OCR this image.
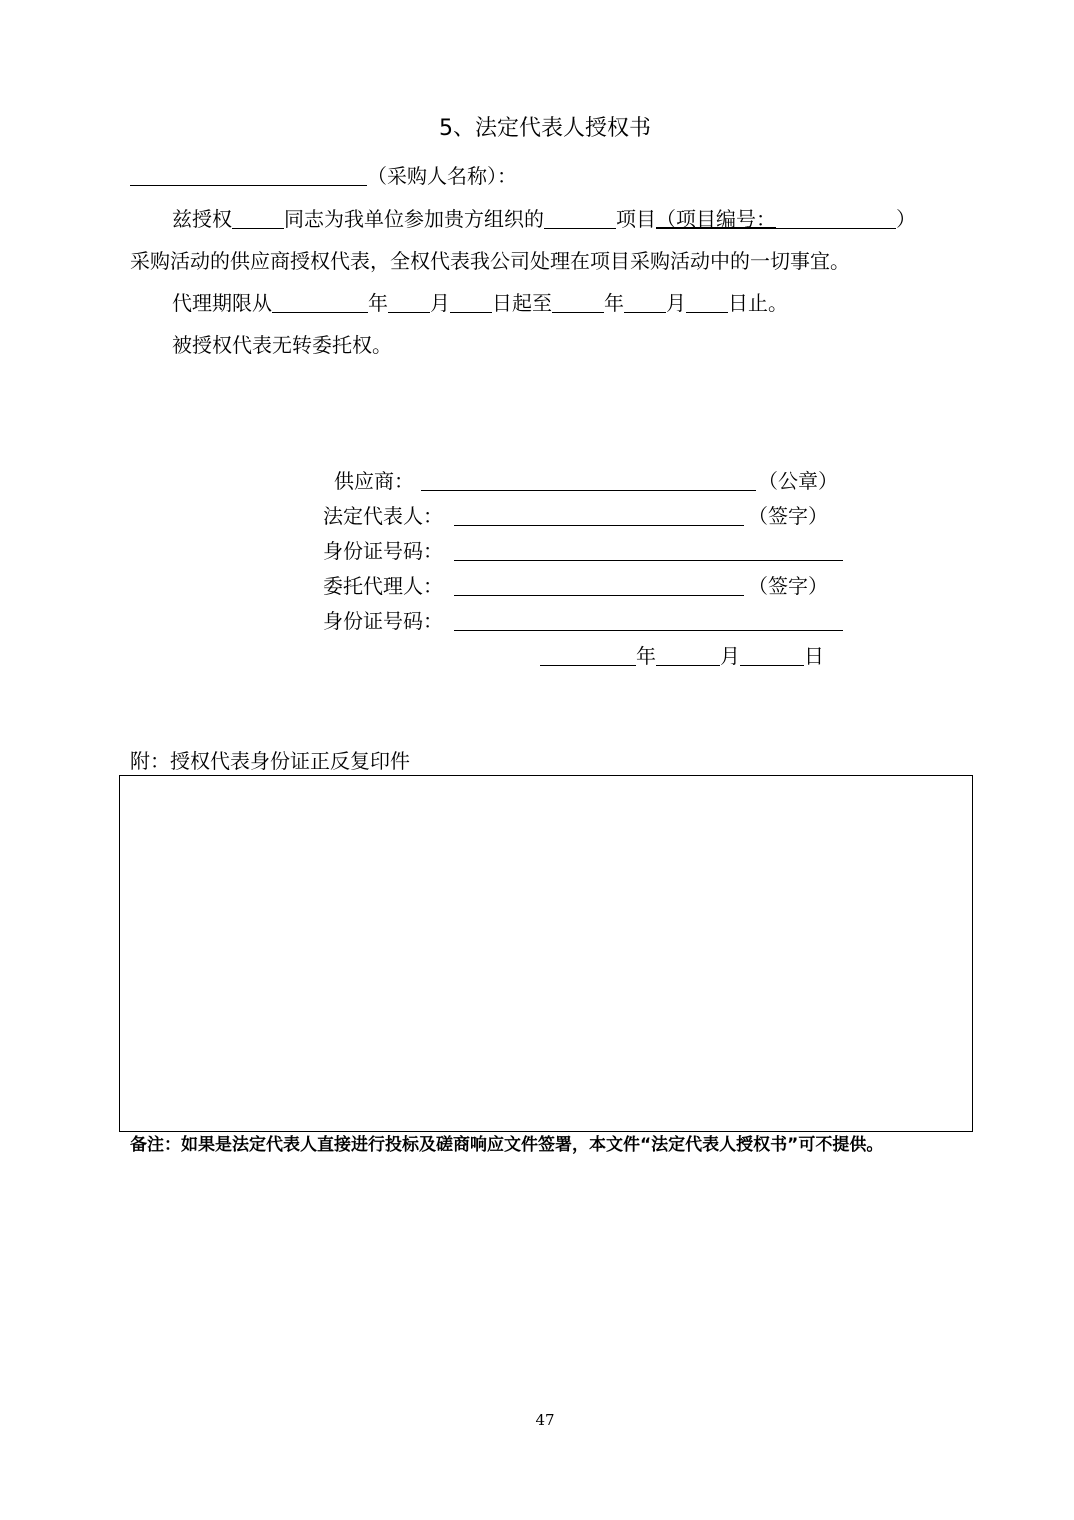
5、法定代表人授权书
（采购人名称）：
兹授权	同志为我单位参加贵方组织的	项目（项目编号：	）
采购活动的供应商授权代表，全权代表我公司处理在项目采购活动中的一切事宜。
代理期限从	年 月 日起至	年 月 日止。
被授权代表无转委托权。
供应商：	（公章）
法定代表人：	（签字）
身份证号码：
委托代理人：	（签字）
身份证号码：
年	月	日
附：授权代表身份证正反复印件
备注：如果是法定代表人直接进行投标及磋商响应文件签署，本文件“法定代表人授权书”可不提供。
47
